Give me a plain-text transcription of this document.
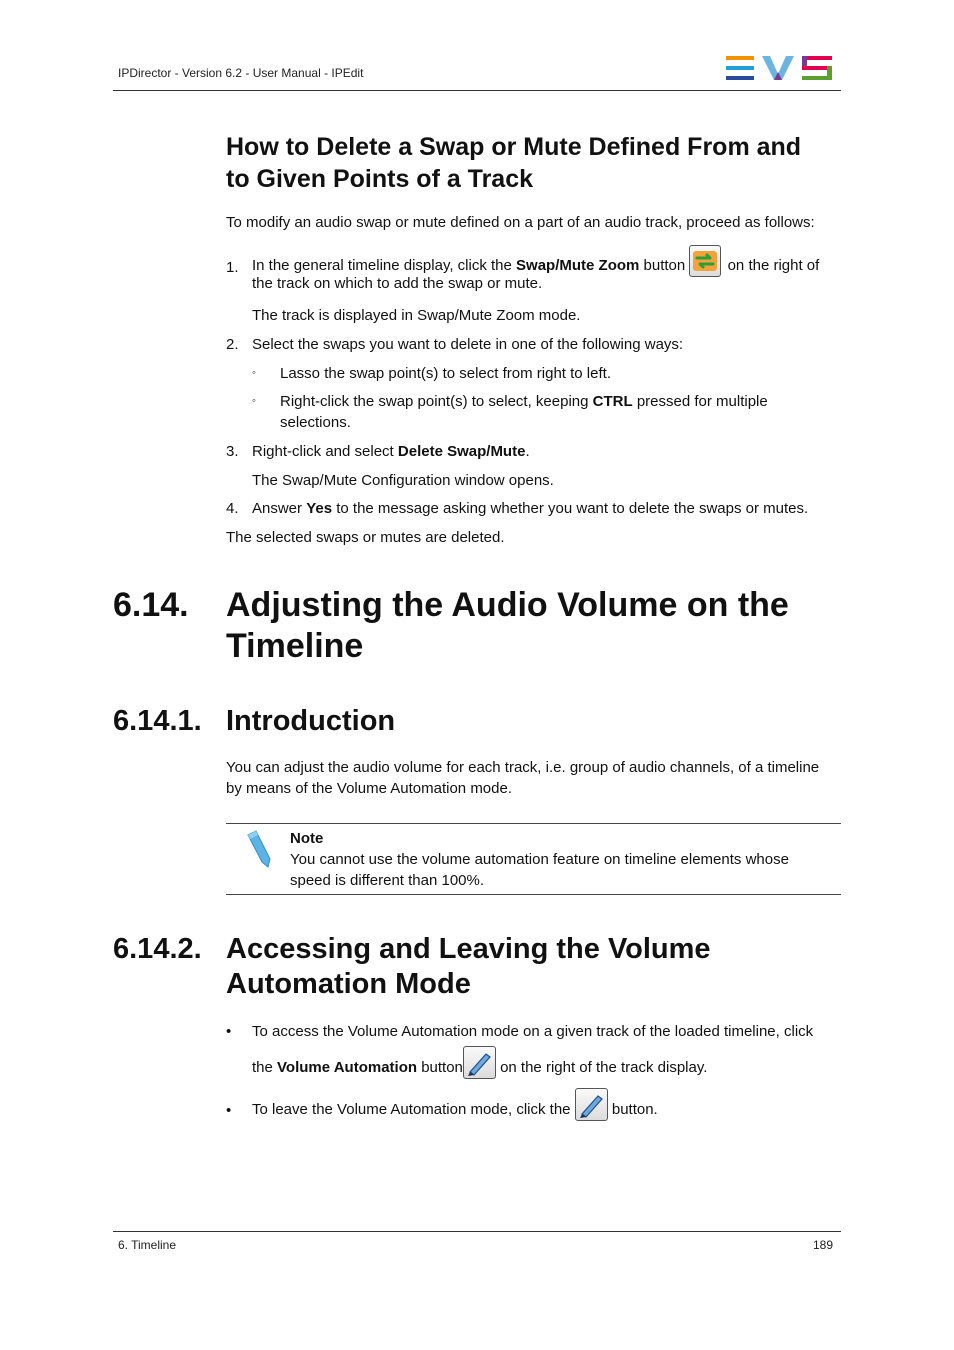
IPDirector - Version 6.2 - User Manual - IPEdit
How to Delete a Swap or Mute Defined From and
to Given Points of a Track
To modify an audio swap or mute defined on a part of an audio track, proceed as follows:
1. In the general timeline display, click the Swap/Mute Zoom button  on the right of
the track on which to add the swap or mute.
The track is displayed in Swap/Mute Zoom mode.
2. Select the swaps you want to delete in one of the following ways:
◦ Lasso the swap point(s) to select from right to left.
◦ Right-click the swap point(s) to select, keeping CTRL pressed for multiple
selections.
3. Right-click and select Delete Swap/Mute.
The Swap/Mute Configuration window opens.
4. Answer Yes to the message asking whether you want to delete the swaps or mutes.
The selected swaps or mutes are deleted.
6.14. Adjusting the Audio Volume on the
Timeline
6.14.1. Introduction
You can adjust the audio volume for each track, i.e. group of audio channels, of a timeline
by means of the Volume Automation mode.
Note
You cannot use the volume automation feature on timeline elements whose
speed is different than 100%.
6.14.2. Accessing and Leaving the Volume
Automation Mode
• To access the Volume Automation mode on a given track of the loaded timeline, click
the Volume Automation button on the right of the track display.
• To leave the Volume Automation mode, click the  button.
6. Timeline	189
